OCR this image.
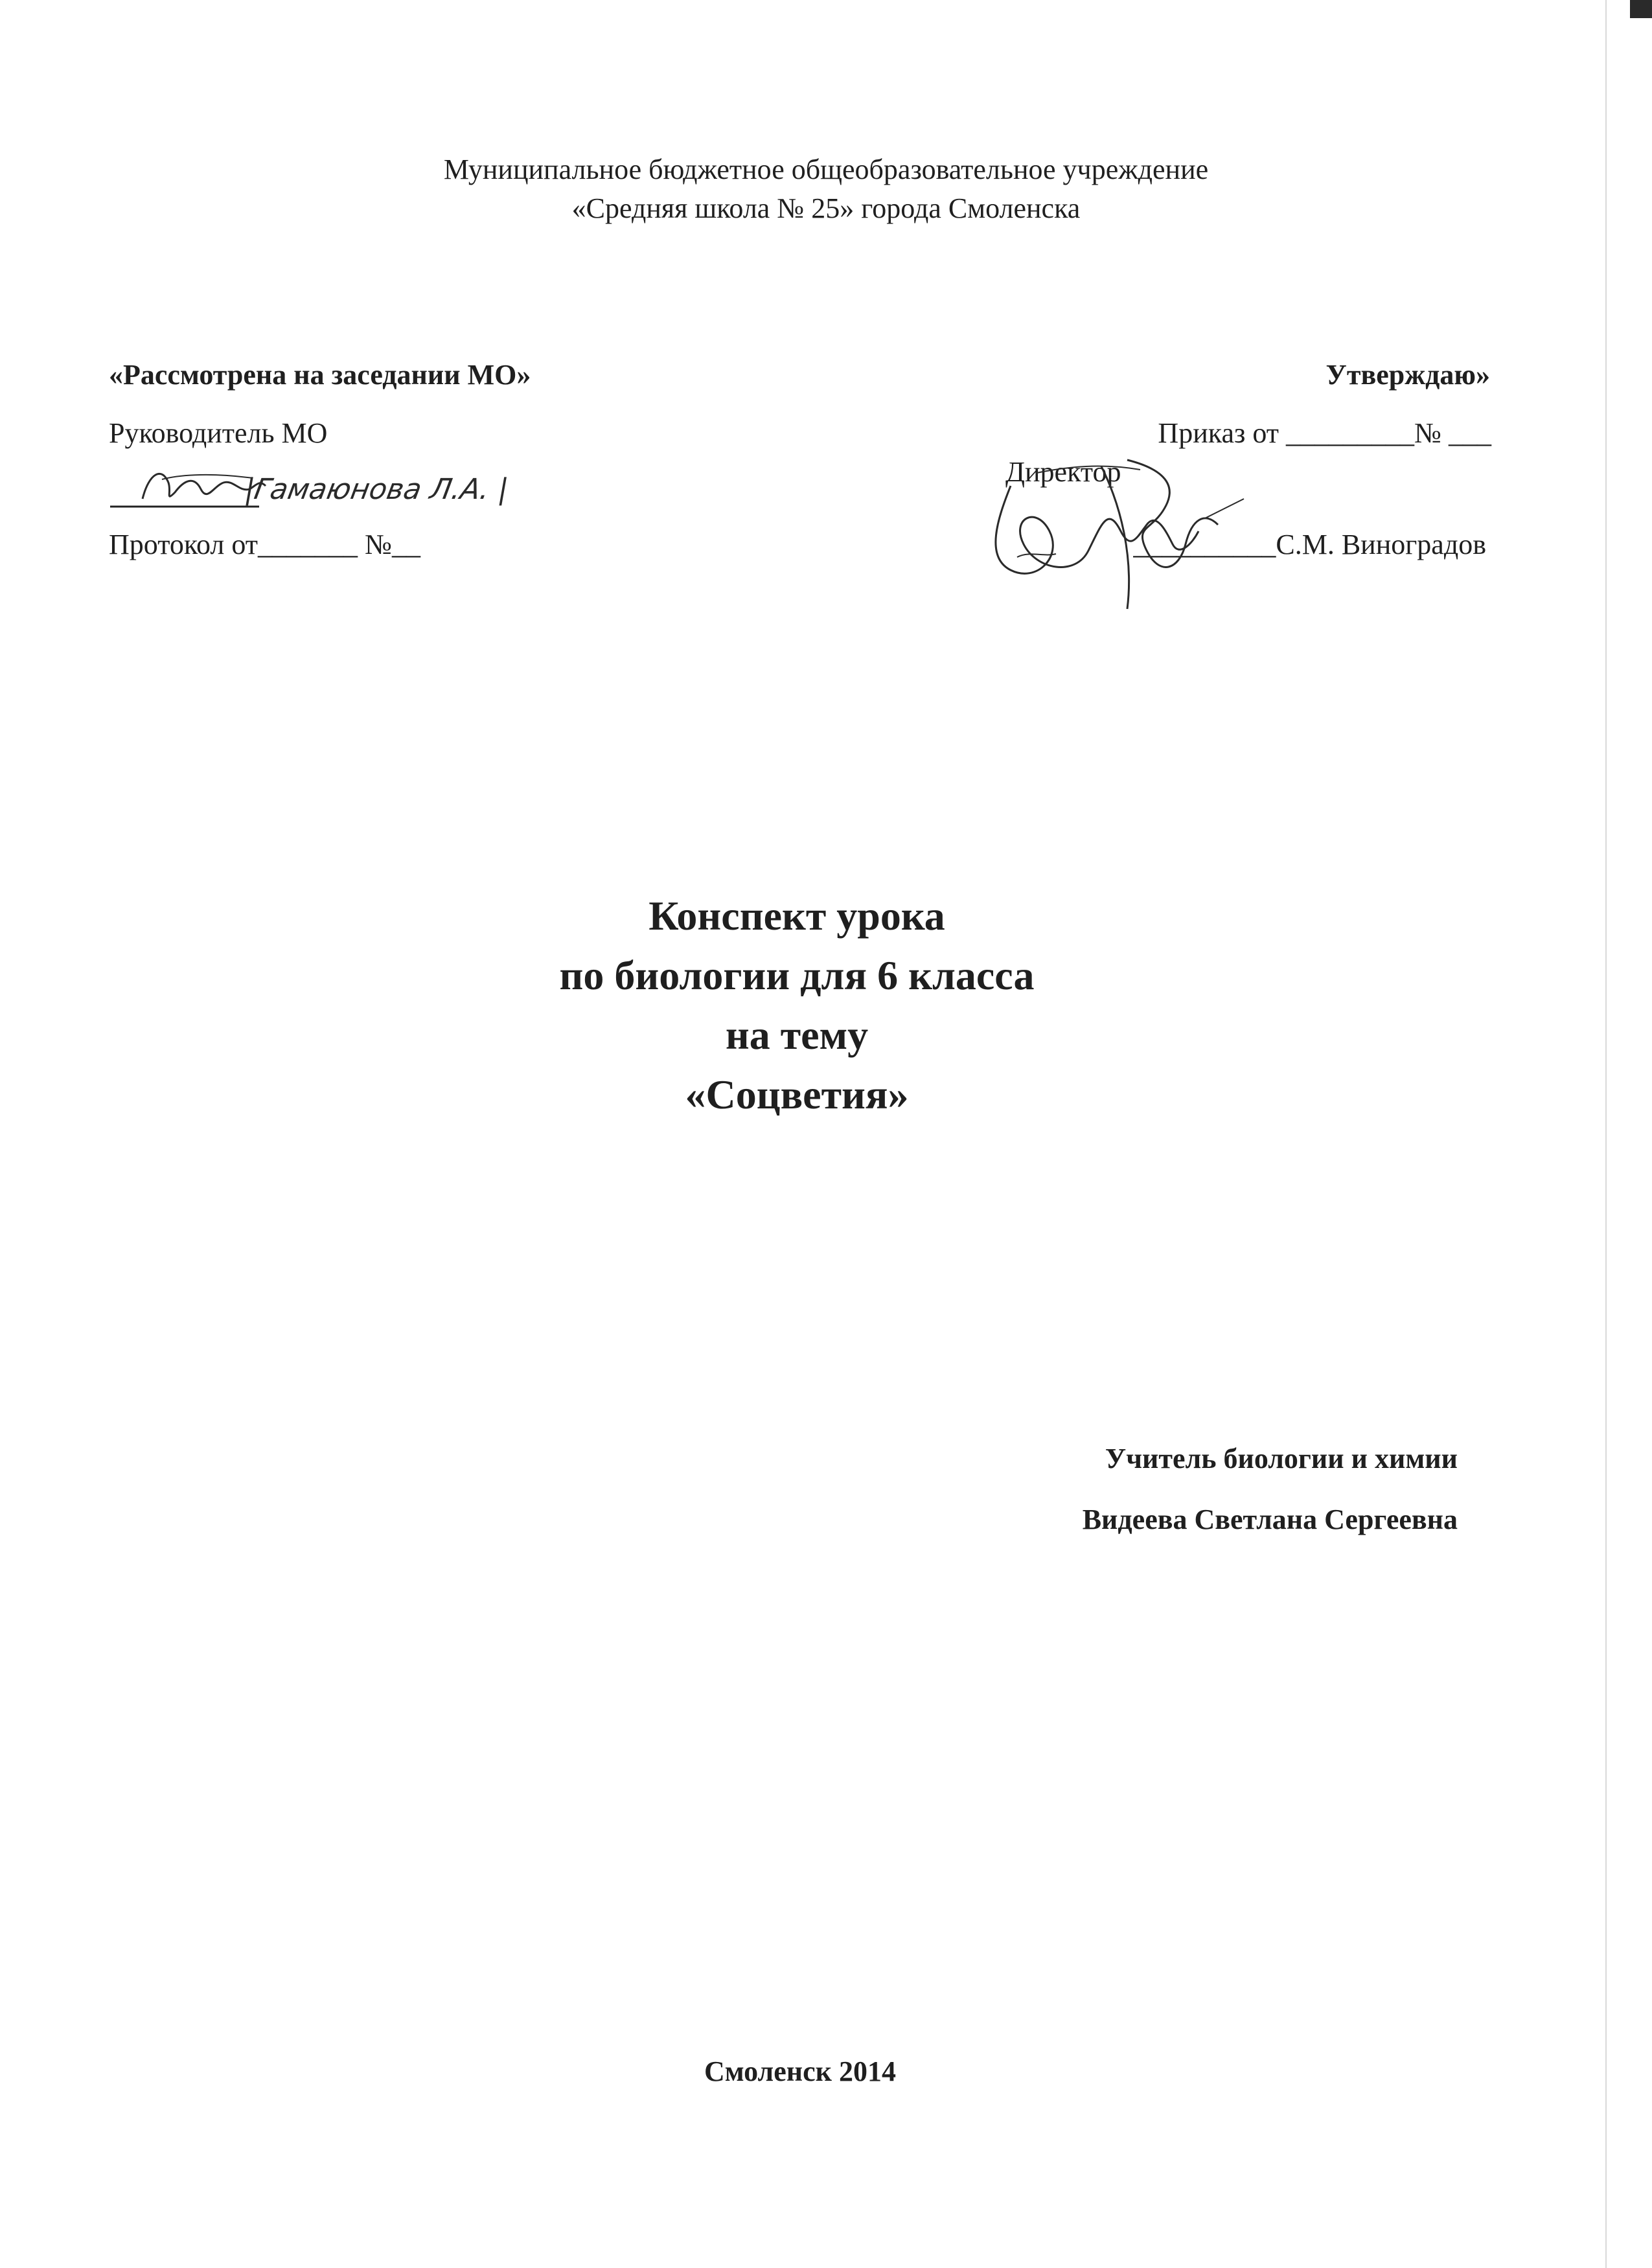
Муниципальное бюджетное общеобразовательное учреждение
«Средняя школа № 25» города Смоленска
«Рассмотрена на заседании МО»
Руководитель МО
Протокол от_______ №__
|Гамаюнова Л.А. |
Утверждаю»
Приказ от _________№ ___
Директор
__________С.М. Виноградов
Конспект урока
по биологии для 6 класса
на тему
«Соцветия»
Учитель биологии и химии
Видеева Светлана Сергеевна
Смоленск 2014
